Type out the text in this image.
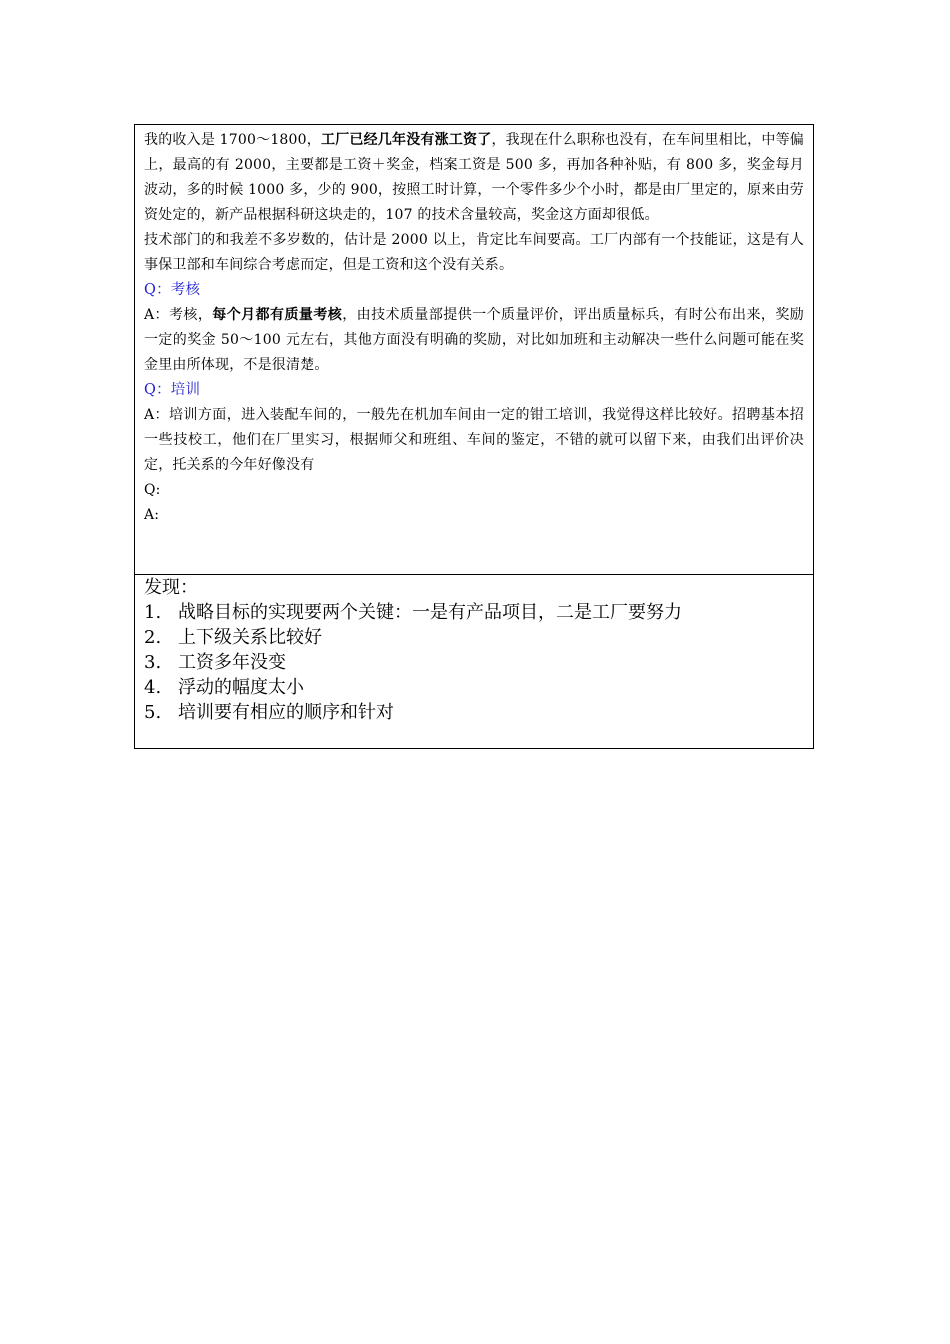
我的收入是 1700～1800，工厂已经几年没有涨工资了，我现在什么职称也没有，在车间里相比，中等偏上，最高的有 2000，主要都是工资＋奖金，档案工资是 500 多，再加各种补贴，有 800 多，奖金每月波动，多的时候 1000 多，少的 900，按照工时计算，一个零件多少个小时，都是由厂里定的，原来由劳资处定的，新产品根据科研这块走的，107 的技术含量较高，奖金这方面却很低。

技术部门的和我差不多岁数的，估计是 2000 以上，肯定比车间要高。工厂内部有一个技能证，这是有人事保卫部和车间综合考虑而定，但是工资和这个没有关系。

Q：考核

A：考核，每个月都有质量考核，由技术质量部提供一个质量评价，评出质量标兵，有时公布出来，奖励一定的奖金 50～100 元左右，其他方面没有明确的奖励，对比如加班和主动解决一些什么问题可能在奖金里由所体现，不是很清楚。

Q：培训

A：培训方面，进入装配车间的，一般先在机加车间由一定的钳工培训，我觉得这样比较好。招聘基本招一些技校工，他们在厂里实习，根据师父和班组、车间的鉴定，不错的就可以留下来，由我们出评价决定，托关系的今年好像没有

Q:

A:

发现：

1. 战略目标的实现要两个关键：一是有产品项目，二是工厂要努力
2. 上下级关系比较好
3. 工资多年没变
4. 浮动的幅度太小
5. 培训要有相应的顺序和针对
